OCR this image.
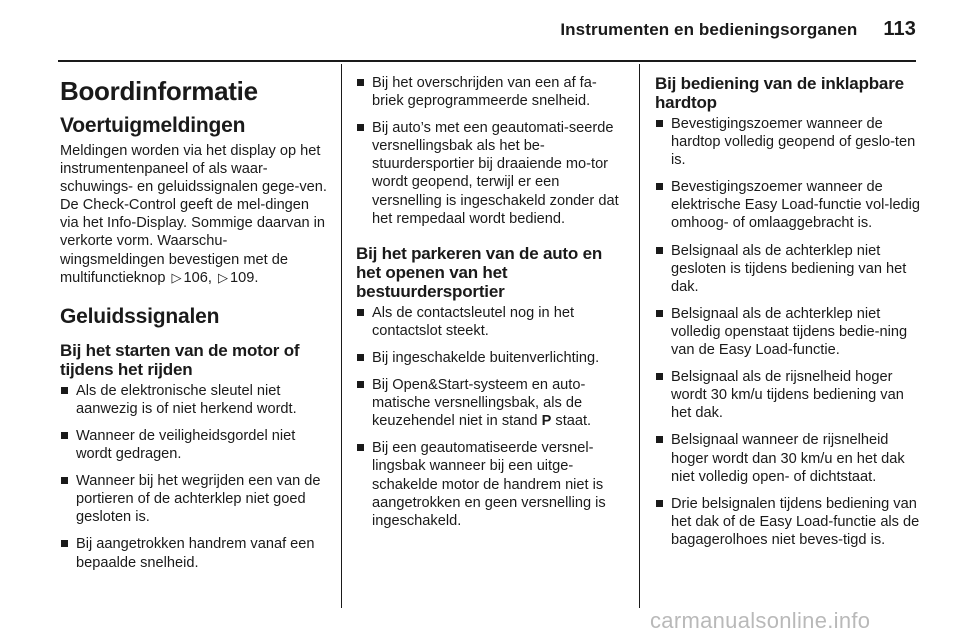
Instrumenten en bedieningsorganen 113
Boordinformatie
Voertuigmeldingen

Meldingen worden via het display op het instrumentenpaneel of als waar-schuwings- en geluidssignalen gege-ven. De Check-Control geeft de mel-dingen via het Info-Display. Sommige daarvan in verkorte vorm. Waarschu-wingsmeldingen bevestigen met de multifunctieknop ▷ 106, ▷ 109.

Geluidssignalen
Bij het starten van de motor of tijdens het rijden
Als de elektronische sleutel niet aanwezig is of niet herkend wordt.
Wanneer de veiligheidsgordel niet wordt gedragen.
Wanneer bij het wegrijden een van de portieren of de achterklep niet goed gesloten is.
Bij aangetrokken handrem vanaf een bepaalde snelheid.
Bij het overschrijden van een af fa-briek geprogrammeerde snelheid.
Bij auto’s met een geautomati-seerde versnellingsbak als het be-stuurdersportier bij draaiende mo-tor wordt geopend, terwijl er een versnelling is ingeschakeld zonder dat het rempedaal wordt bediend.
Bij het parkeren van de auto en het openen van het bestuurdersportier
Als de contactsleutel nog in het contactslot steekt.
Bij ingeschakelde buitenverlichting.
Bij Open&Start-systeem en auto-matische versnellingsbak, als de keuzehendel niet in stand P staat.
Bij een geautomatiseerde versnel-lingsbak wanneer bij een uitge-schakelde motor de handrem niet is aangetrokken en geen versnelling is ingeschakeld.
Bij bediening van de inklapbare hardtop
Bevestigingszoemer wanneer de hardtop volledig geopend of geslo-ten is.
Bevestigingszoemer wanneer de elektrische Easy Load-functie vol-ledig omhoog- of omlaaggebracht is.
Belsignaal als de achterklep niet gesloten is tijdens bediening van het dak.
Belsignaal als de achterklep niet volledig openstaat tijdens bedie-ning van de Easy Load-functie.
Belsignaal als de rijsnelheid hoger wordt 30 km/u tijdens bediening van het dak.
Belsignaal wanneer de rijsnelheid hoger wordt dan 30 km/u en het dak niet volledig open- of dichtstaat.
Drie belsignalen tijdens bediening van het dak of de Easy Load-functie als de bagagerolhoes niet beves-tigd is.
carmanualsonline.info
